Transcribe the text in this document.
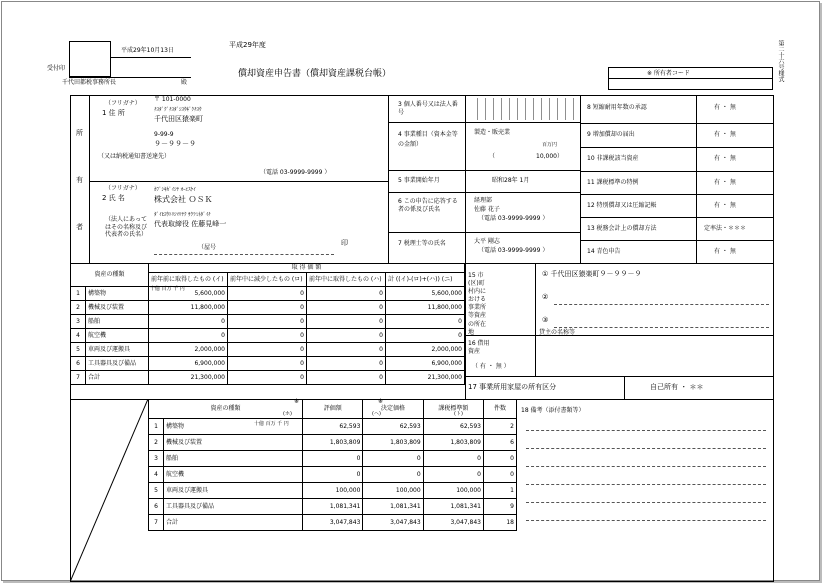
受付印
平成29年10月13日
千代田都税事務所長	殿
平成29年度
償却資産申告書（償却資産課税台帳）	※ 所有者コード	第二十六号様式
所
有
者
（フリガナ）
1 住 所
（又は納税通知書送達先）
〒 101-0000
ﾁﾖﾀﾞｸﾞﾁﾖﾀﾞｼﾖｳｷﾞｸﾁﾖｳ
千代田区猿楽町
9-99-9
９－９９－９
（電話 03-9999-9999 ）
（フリガナ）
2 氏 名
ｶﾌﾞｼｷｶﾞｲｼﾔ ｵｰｴｽｹｲ
株式会社 ＯＳＫ
ﾀﾞｲﾋﾖｳﾄﾘｼﾏﾘﾔｸ ｻｸﾗﾐﾈﾀﾞｲﾁ
代表取締役 佐藤見峰一
（法人にあってはその名称及び代表者の氏名）
印
（屋号
3 個人番号又は法人番号
4 事業種目（資本金等の金額）
製造・販売業
百万円
10,000）
（
5 事業開始年月	昭和28年 1月
6 この申告に応答する者の係及び氏名
経理部
佐藤 花子
（電話 03-9999-9999 ）
7 税理士等の氏名	大平 剛志
（電話 03-9999-9999 ）
8 短縮耐用年数の承認	有 ・ 無
9 増加償却の届出	有 ・ 無
10 非課税該当資産	有 ・ 無
11 課税標準の特例	有 ・ 無
12 特別償却又は圧縮記帳	有 ・ 無
13 税務会計上の償却方法	定率法・＊＊＊
14 青色申告	有 ・ 無
資産の種類		取 得 価 額			
		前年前に取得したもの (イ)	前年中に減少したもの (ロ)	前年中に取得したもの (ハ)	計 ((イ)-(ロ)+(ハ)) (ニ)
1	構築物	5,600,000	0	0	5,600,000
2	機械及び装置	11,800,000	0	0	11,800,000
3	船舶	0	0	0	0
4	航空機	0	0	0	0
5	車両及び運搬具	2,000,000	0	0	2,000,000
6	工具器具及び備品	6,900,000	0	0	6,900,000
7	合計	21,300,000	0	0	21,300,000
十億 百万 千 円
15 市(区)町村内における事業所等資産の所在地
① 千代田区猿楽町９－９９－９
②
③
貸主の名称等
16 借用資産
（ 有 ・ 無 ）
17 事業所用家屋の所有区分	自己所有 ・ ＊＊
資産の種類		評価額	決定価格	課税標準額	件数
1	構築物	62,593	62,593	62,593	2
2	機械及び装置	1,803,809	1,803,809	1,803,809	6
3	船舶	0	0	0	0
4	航空機	0	0	0	0
5	車両及び運搬具	100,000	100,000	100,000	1
6	工具器具及び備品	1,081,341	1,081,341	1,081,341	9
7	合計	3,047,843	3,047,843	3,047,843	18
十億 百万 千 円
(ホ)	(ヘ)	(ト)
※	※
18 備考（添付書類等）
